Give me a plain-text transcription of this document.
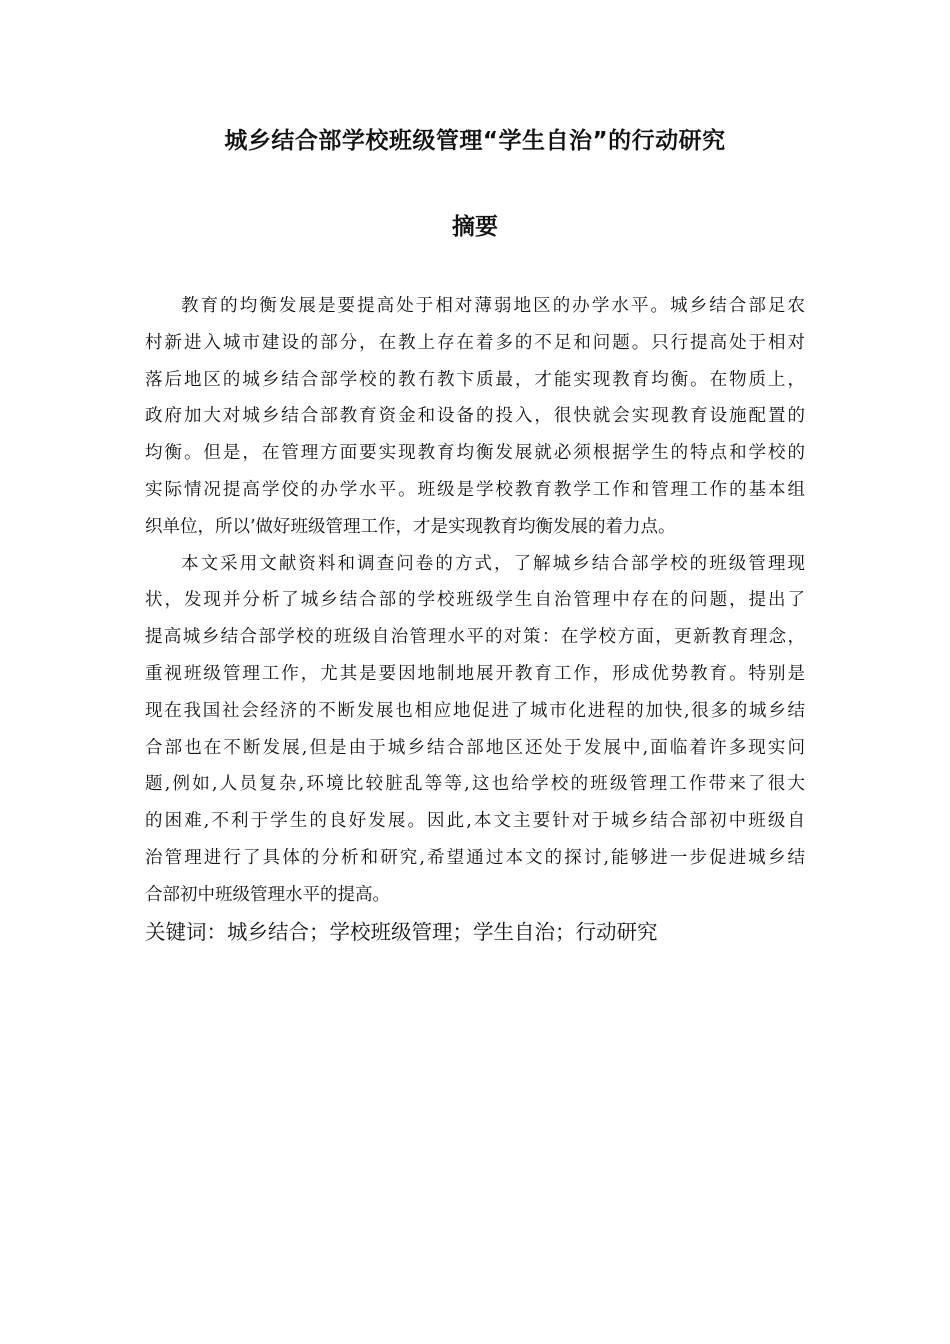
城乡结合部学校班级管理“学生自治”的行动研究
摘要
教育的均衡发展是要提高处于相对薄弱地区的办学水平。城乡结合部足农
村新进入城市建设的部分，在教上存在着多的不足和问题。只行提高处于相对
落后地区的城乡结合部学校的教冇教卞质最，才能实现教育均衡。在物质上，
政府加大对城乡结合部教育资金和设备的投入，很快就会实现教育设施配置的
均衡。但是，在管理方面要实现教育均衡发展就必须根据学生的特点和学校的
实际情况提高学佼的办学水平。班级是学校教育教学工作和管理工作的基本组
织单位，所以’做好班级管理工作，才是实现教育均衡发展的着力点。
本文采用文献资料和调查问卷的方式，了解城乡结合部学校的班级管理现
状，发现并分析了城乡结合部的学校班级学生自治管理中存在的问题，提出了
提高城乡结合部学校的班级自治管理水平的对策：在学校方面，更新教育理念，
重视班级管理工作，尤其是要因地制地展开教育工作，形成优势教育。特别是
现在我国社会经济的不断发展也相应地促进了城市化进程的加快,很多的城乡结
合部也在不断发展,但是由于城乡结合部地区还处于发展中,面临着许多现实问
题,例如,人员复杂,环境比较脏乱等等,这也给学校的班级管理工作带来了很大
的困难,不利于学生的良好发展。因此,本文主要针对于城乡结合部初中班级自
治管理进行了具体的分析和研究,希望通过本文的探讨,能够进一步促进城乡结
合部初中班级管理水平的提高。
关键词：城乡结合；学校班级管理；学生自治；行动研究
